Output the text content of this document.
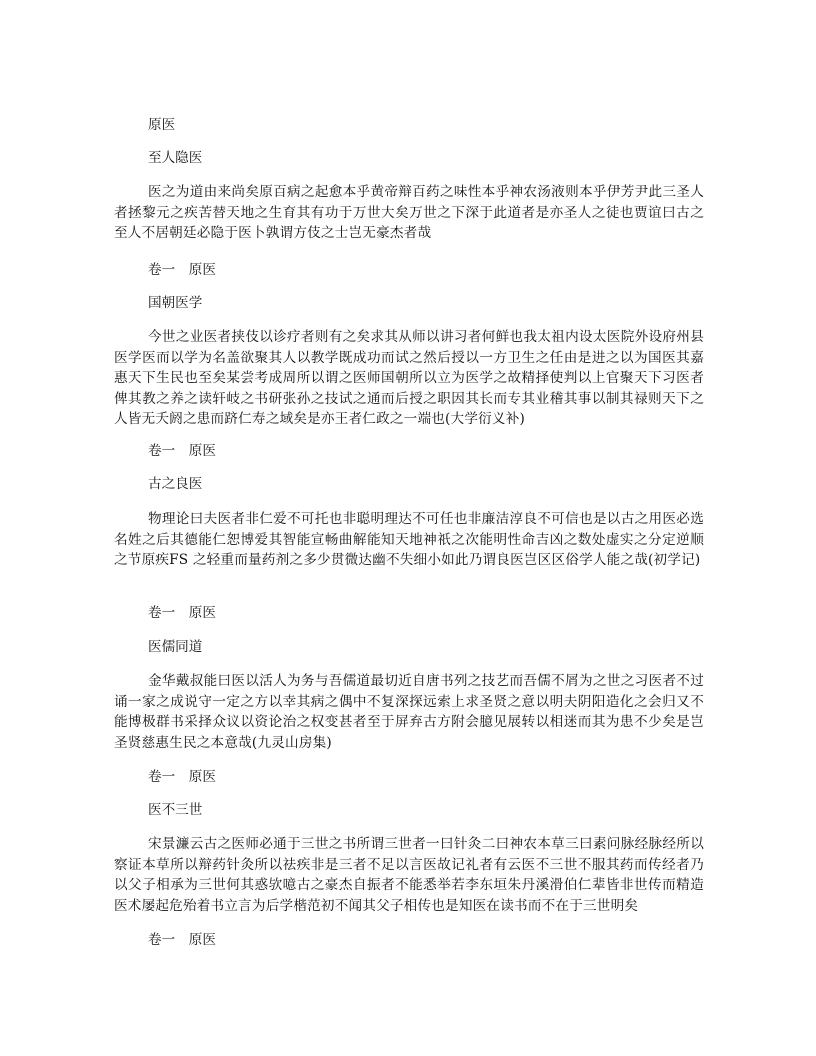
原医

至人隐医

医之为道由来尚矣原百病之起愈本乎黄帝辩百药之味性本乎神农汤液则本乎伊芳尹此三圣人者拯黎元之疾苦替天地之生育其有功于万世大矣万世之下深于此道者是亦圣人之徒也贾谊曰古之至人不居朝廷必隐于医卜孰谓方伎之士岂无豪杰者哉

卷一　原医

国朝医学

今世之业医者挟伎以诊疗者则有之矣求其从师以讲习者何鲜也我太祖内设太医院外设府州县医学医而以学为名盖欲聚其人以教学既成功而试之然后授以一方卫生之任由是进之以为国医其嘉惠天下生民也至矣某尝考成周所以谓之医师国朝所以立为医学之故精择使判以上官聚天下习医者俾其教之养之读轩岐之书研张孙之技试之通而后授之职因其长而专其业稽其事以制其禄则天下之人皆无夭阏之患而跻仁寿之域矣是亦王者仁政之一端也(大学衍义补)

卷一　原医

古之良医

物理论曰夫医者非仁爱不可托也非聪明理达不可任也非廉洁淳良不可信也是以古之用医必选名姓之后其德能仁恕博爱其智能宣畅曲解能知天地神祇之次能明性命吉凶之数处虚实之分定逆顺之节原疾FS 之轻重而量药剂之多少贯微达幽不失细小如此乃谓良医岂区区俗学人能之哉(初学记)

卷一　原医

医儒同道

金华戴叔能曰医以活人为务与吾儒道最切近自唐书列之技艺而吾儒不屑为之世之习医者不过诵一家之成说守一定之方以幸其病之偶中不复深探远索上求圣贤之意以明夫阴阳造化之会归又不能博极群书采择众议以资论治之权变甚者至于屏弃古方附会臆见展转以相迷而其为患不少矣是岂圣贤慈惠生民之本意哉(九灵山房集)

卷一　原医

医不三世

宋景濂云古之医师必通于三世之书所谓三世者一曰针灸二曰神农本草三曰素问脉经脉经所以察证本草所以辩药针灸所以祛疾非是三者不足以言医故记礼者有云医不三世不服其药而传经者乃以父子相承为三世何其惑欤噫古之豪杰自振者不能悉举若李东垣朱丹溪滑伯仁辈皆非世传而精造医术屡起危殆着书立言为后学楷范初不闻其父子相传也是知医在读书而不在于三世明矣

卷一　原医
